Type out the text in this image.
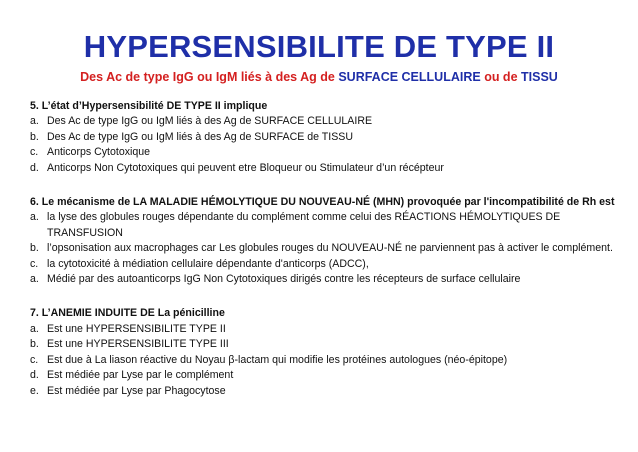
HYPERSENSIBILITE DE TYPE II
Des Ac de type IgG ou IgM liés à des Ag de SURFACE CELLULAIRE ou de TISSU

5. L’état d’Hypersensibilité DE TYPE II implique

a. Des Ac de type IgG ou IgM liés à des Ag de SURFACE CELLULAIRE
b. Des Ac de type IgG ou IgM liés à des Ag de SURFACE de TISSU
c. Anticorps Cytotoxique
d. Anticorps Non Cytotoxiques qui peuvent etre Bloqueur ou Stimulateur d’un récépteur

6. Le mécanisme de LA MALADIE HÉMOLYTIQUE DU NOUVEAU-NÉ (MHN) provoquée par l'incompatibilité de Rh est

a. la lyse des globules rouges dépendante du complément comme celui des RÉACTIONS HÉMOLYTIQUES DE TRANSFUSION
b. l’opsonisation aux macrophages car Les globules rouges du NOUVEAU-NÉ ne parviennent pas à activer le complément.
c. la cytotoxicité à médiation cellulaire dépendante d'anticorps (ADCC),
a. Médié par des autoanticorps IgG Non Cytotoxiques dirigés contre les récepteurs de surface cellulaire

7. L’ANEMIE INDUITE DE La pénicilline

a. Est une HYPERSENSIBILITE TYPE II
b. Est une HYPERSENSIBILITE TYPE III
c. Est due à La liason réactive du Noyau β-lactam qui modifie les protéines autologues (néo-épitope)
d. Est médiée par Lyse par le complément
e. Est médiée par Lyse par Phagocytose
